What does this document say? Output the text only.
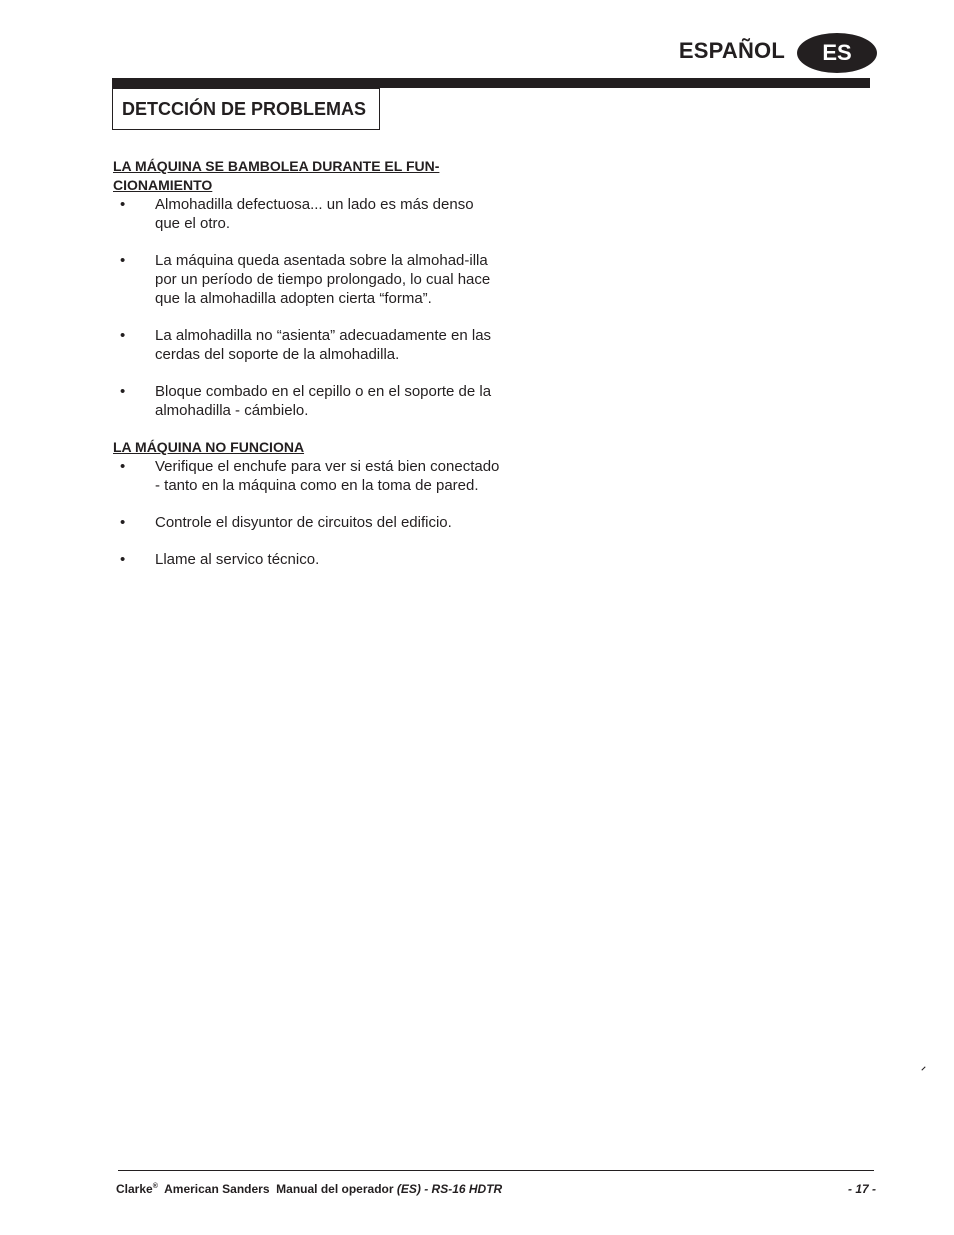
ESPAÑOL	ES
DETCCIÓN DE PROBLEMAS

LA MÁQUINA SE BAMBOLEA DURANTE EL FUN-
CIONAMIENTO

• Almohadilla defectuosa... un lado es más denso que el otro.
• La máquina queda asentada sobre la almohad-illa por un período de tiempo prolongado, lo cual hace que la almohadilla adopten cierta “forma”.
• La almohadilla no “asienta” adecuadamente en las cerdas del soporte de la almohadilla.
• Bloque combado en el cepillo o en el soporte de la almohadilla - cámbielo.

LA MÁQUINA NO FUNCIONA

• Verifique el enchufe para ver si está bien conectado - tanto en la máquina como en la toma de pared.
• Controle el disyuntor de circuitos del edificio.
• Llame al servico técnico.
Clarke® American Sanders Manual del operador (ES) - RS-16 HDTR	- 17 -
